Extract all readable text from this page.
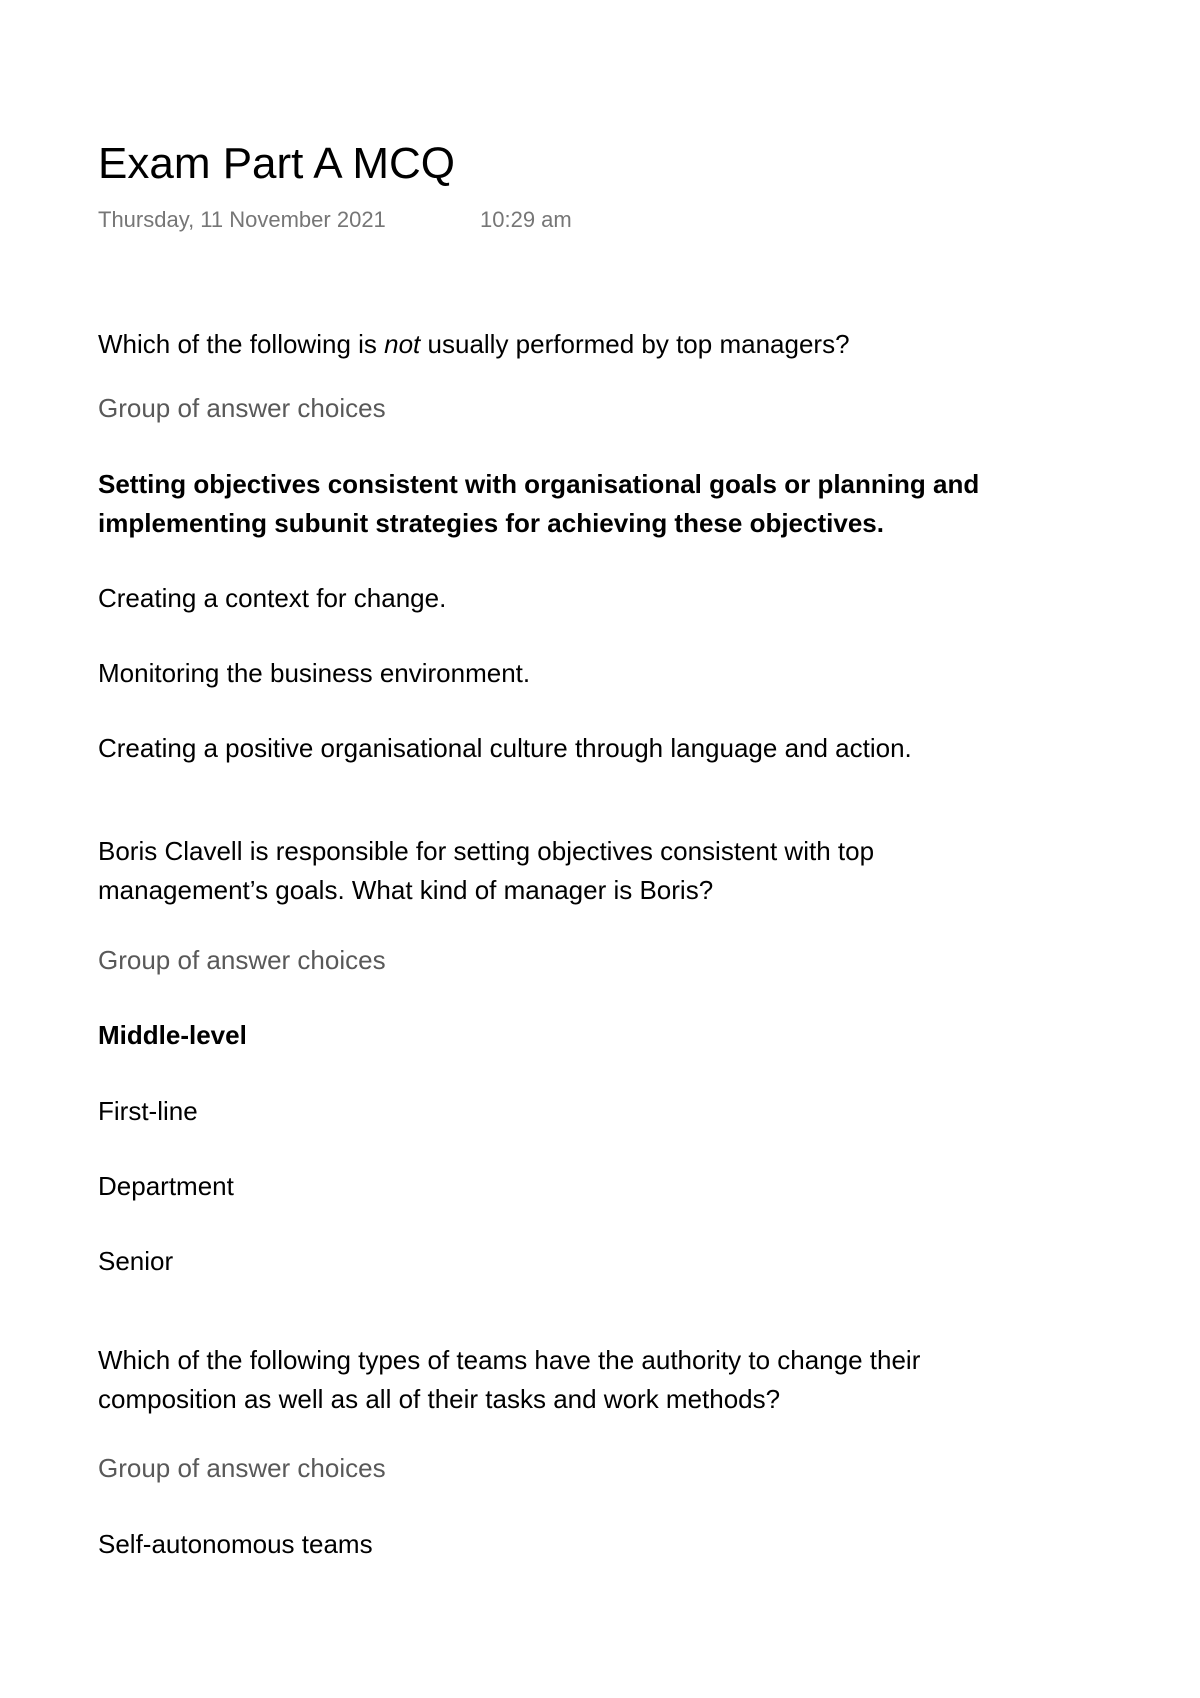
Exam Part A MCQ
Thursday, 11 November 2021	10:29 am
Which of the following is not usually performed by top managers?
Group of answer choices
Setting objectives consistent with organisational goals or planning and
implementing subunit strategies for achieving these objectives.
Creating a context for change.
Monitoring the business environment.
Creating a positive organisational culture through language and action.
Boris Clavell is responsible for setting objectives consistent with top
management’s goals. What kind of manager is Boris?
Group of answer choices
Middle-level
First-line
Department
Senior
Which of the following types of teams have the authority to change their
composition as well as all of their tasks and work methods?
Group of answer choices
Self-autonomous teams
